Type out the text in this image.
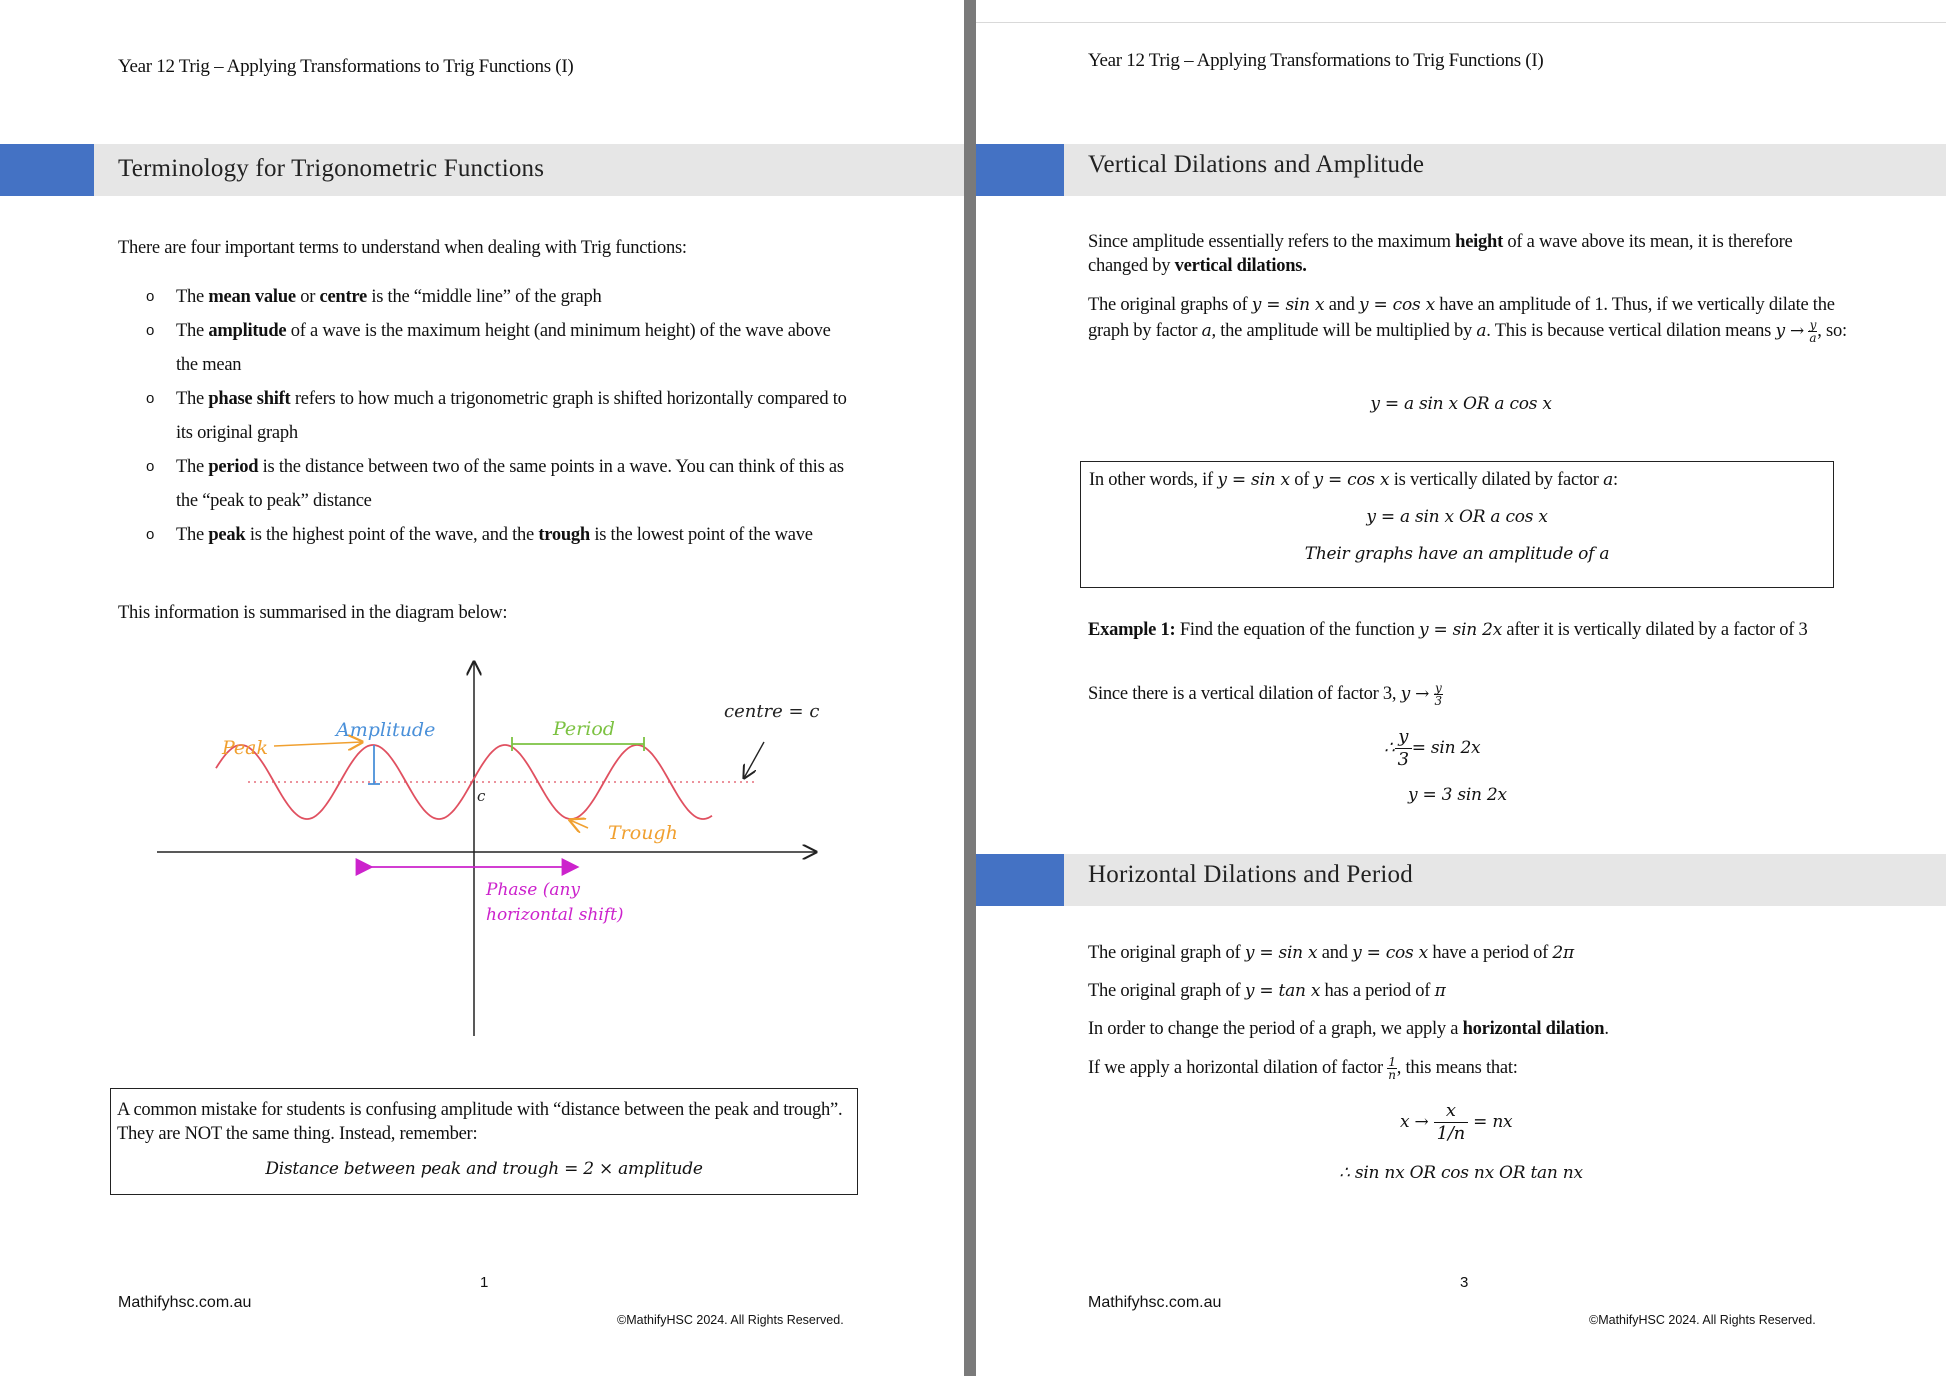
Year 12 Trig – Applying Transformations to Trig Functions (I)
Terminology for Trigonometric Functions
There are four important terms to understand when dealing with Trig functions:
o The mean value or centre is the “middle line” of the graph
o The amplitude of a wave is the maximum height (and minimum height) of the wave above the mean
o The phase shift refers to how much a trigonometric graph is shifted horizontally compared to its original graph
o The period is the distance between two of the same points in a wave. You can think of this as the “peak to peak” distance
o The peak is the highest point of the wave, and the trough is the lowest point of the wave
This information is summarised in the diagram below:
Amplitude	Period
Peak
Trough
centre = c
c
Phase (any
horizontal shift)
A common mistake for students is confusing amplitude with “distance between the peak and trough”. They are NOT the same thing. Instead, remember:
Distance between peak and trough = 2 × amplitude
1
Mathifyhsc.com.au
©MathifyHSC 2024. All Rights Reserved.
Year 12 Trig – Applying Transformations to Trig Functions (I)
Vertical Dilations and Amplitude
Since amplitude essentially refers to the maximum height of a wave above its mean, it is therefore changed by vertical dilations.
The original graphs of y = sin x and y = cos x have an amplitude of 1. Thus, if we vertically dilate the graph by factor a, the amplitude will be multiplied by a. This is because vertical dilation means $y \to \frac{y}{a}$ , so:
y = a sin x OR a cos x
In other words, if y = sin x of y = cos x is vertically dilated by factor a:
y = a sin x OR a cos x
Their graphs have an amplitude of a
Example 1: Find the equation of the function y = sin 2x after it is vertically dilated by a factor of 3
Since there is a vertical dilation of factor 3, $y \to \frac{y}{3}$
∴ $\frac{y}{3} = \sin 2x$
y = 3 sin 2x
Horizontal Dilations and Period
The original graph of y = sin x and y = cos x have a period of 2π
The original graph of y = tan x has a period of π
In order to change the period of a graph, we apply a horizontal dilation.
If we apply a horizontal dilation of factor $\frac{1}{n}$ , this means that:
$x \to \frac{x}{1/n}$ = nx
∴ sin nx OR cos nx OR tan nx
3
Mathifyhsc.com.au
©MathifyHSC 2024. All Rights Reserved.
